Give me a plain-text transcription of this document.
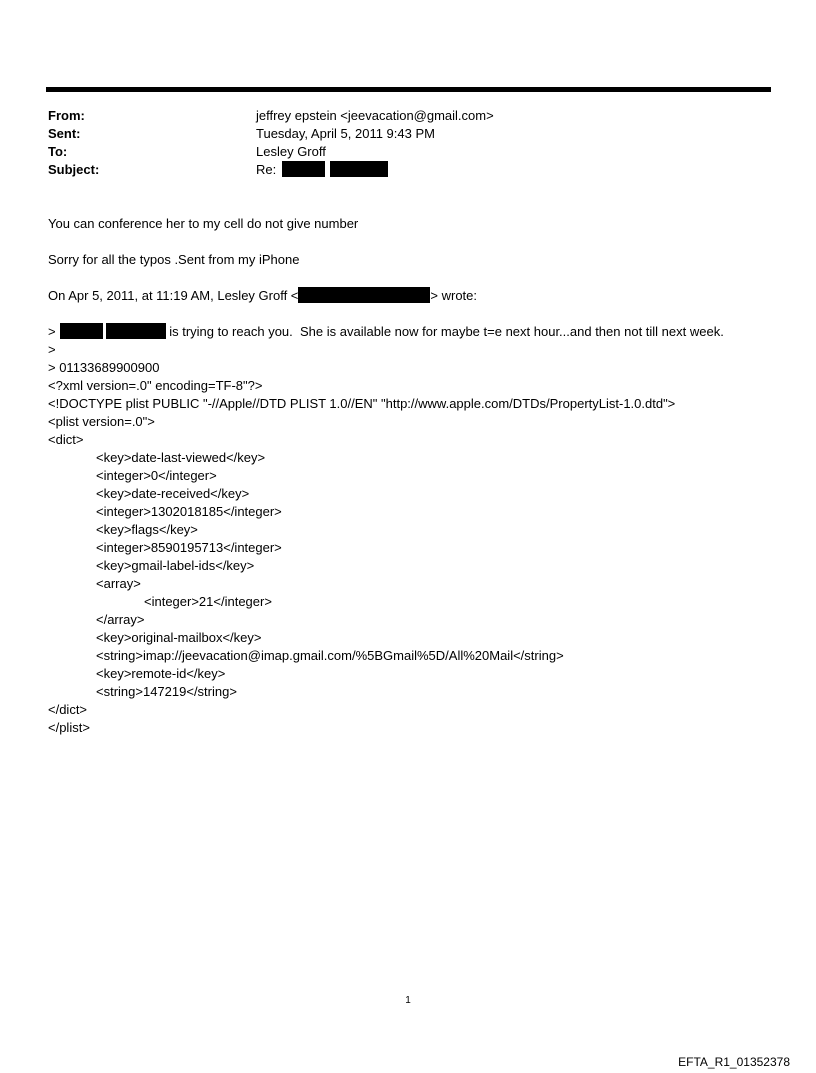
From:	jeffrey epstein <jeevacation@gmail.com>
Sent:	Tuesday, April 5, 2011 9:43 PM
To:	Lesley Groff
Subject:	Re:
You can conference her to my cell do not give number
Sorry for all the typos .Sent from my iPhone
On Apr 5, 2011, at 11:19 AM, Lesley Groff <	> wrote:
>	is trying to reach you.  She is available now for maybe t=e next hour...and then not till next week.
>
> 01133689900900
<?xml version=.0" encoding=TF-8"?>
<!DOCTYPE plist PUBLIC "-//Apple//DTD PLIST 1.0//EN" "http://www.apple.com/DTDs/PropertyList-1.0.dtd">
<plist version=.0">
<dict>
<key>date-last-viewed</key>
<integer>0</integer>
<key>date-received</key>
<integer>1302018185</integer>
<key>flags</key>
<integer>8590195713</integer>
<key>gmail-label-ids</key>
<array>
<integer>21</integer>
</array>
<key>original-mailbox</key>
<string>imap://jeevacation@imap.gmail.com/%5BGmail%5D/All%20Mail</string>
<key>remote-id</key>
<string>147219</string>
</dict>
</plist>
1
EFTA_R1_01352378
